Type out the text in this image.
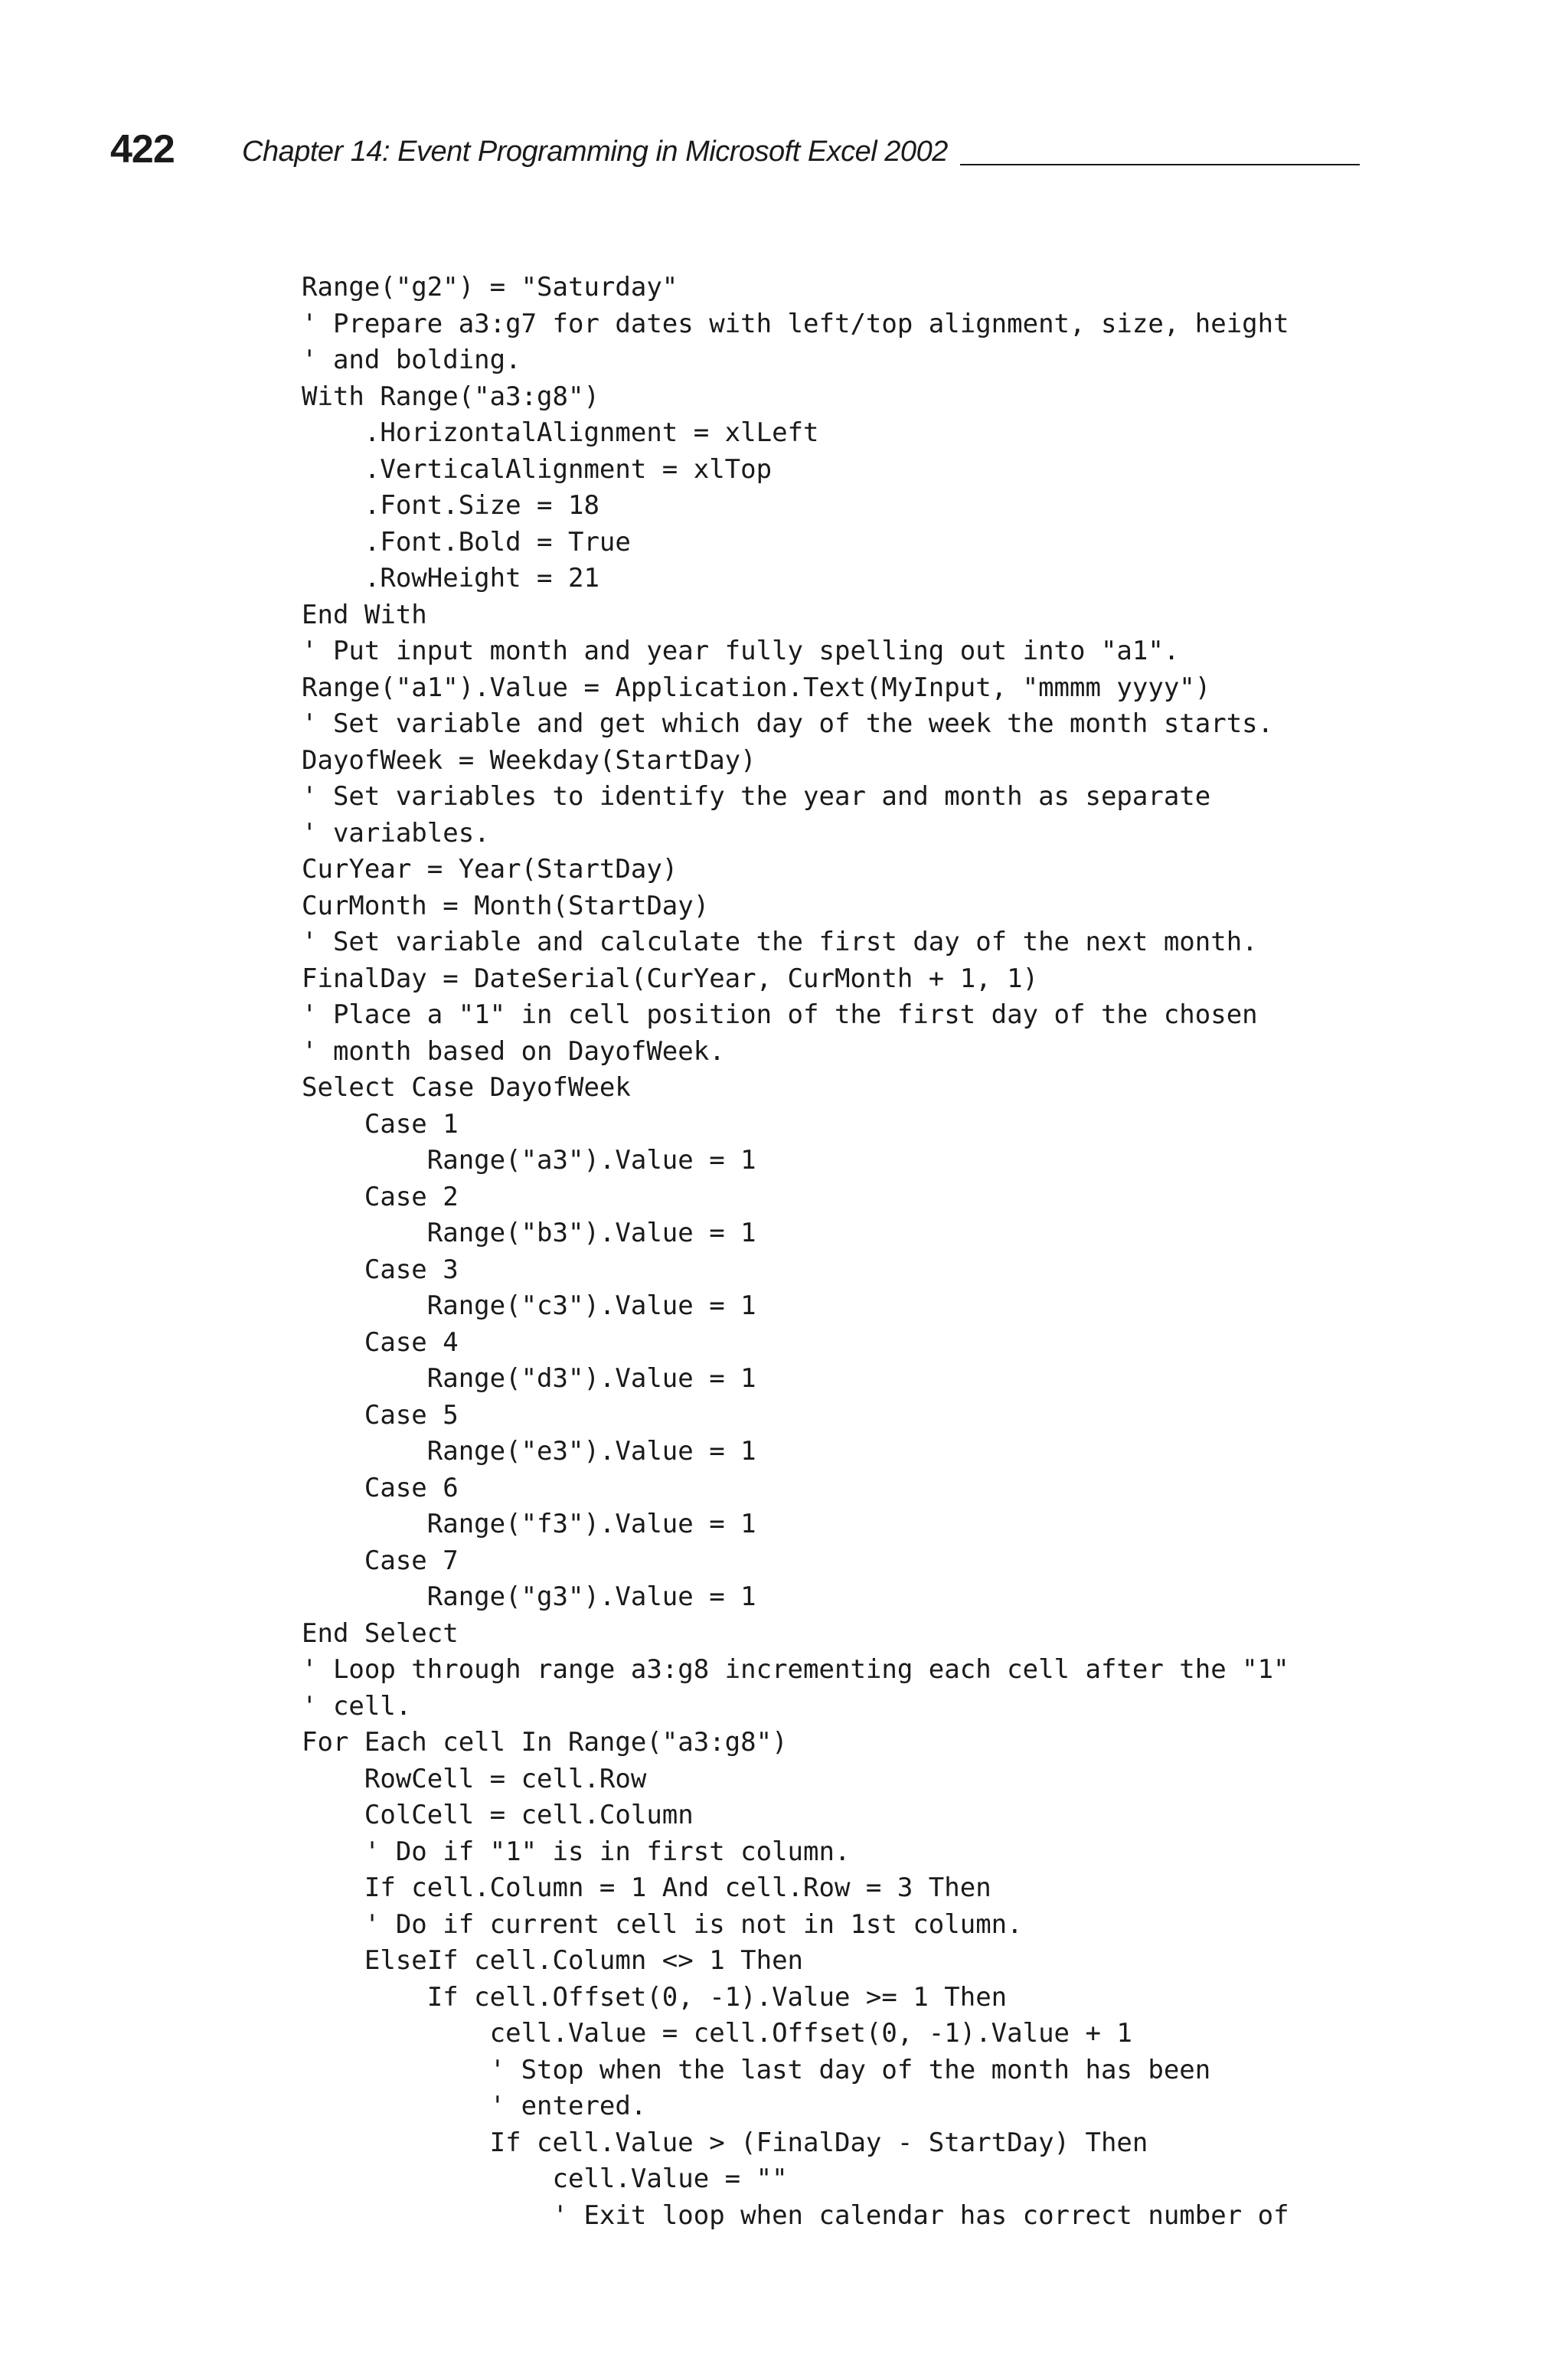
422 Chapter 14: Event Programming in Microsoft Excel 2002
Range("g2") = "Saturday"
' Prepare a3:g7 for dates with left/top alignment, size, height
' and bolding.
With Range("a3:g8")
.HorizontalAlignment = xlLeft
.VerticalAlignment = xlTop
.Font.Size = 18
.Font.Bold = True
.RowHeight = 21
End With
' Put input month and year fully spelling out into "a1".
Range("a1").Value = Application.Text(MyInput, "mmmm yyyy")
' Set variable and get which day of the week the month starts.
DayofWeek = Weekday(StartDay)
' Set variables to identify the year and month as separate
' variables.
CurYear = Year(StartDay)
CurMonth = Month(StartDay)
' Set variable and calculate the first day of the next month.
FinalDay = DateSerial(CurYear, CurMonth + 1, 1)
' Place a "1" in cell position of the first day of the chosen
' month based on DayofWeek.
Select Case DayofWeek
Case 1
Range("a3").Value = 1
Case 2
Range("b3").Value = 1
Case 3
Range("c3").Value = 1
Case 4
Range("d3").Value = 1
Case 5
Range("e3").Value = 1
Case 6
Range("f3").Value = 1
Case 7
Range("g3").Value = 1
End Select
' Loop through range a3:g8 incrementing each cell after the "1"
' cell.
For Each cell In Range("a3:g8")
RowCell = cell.Row
ColCell = cell.Column
' Do if "1" is in first column.
If cell.Column = 1 And cell.Row = 3 Then
' Do if current cell is not in 1st column.
ElseIf cell.Column <> 1 Then
If cell.Offset(0, -1).Value >= 1 Then
cell.Value = cell.Offset(0, -1).Value + 1
' Stop when the last day of the month has been
' entered.
If cell.Value > (FinalDay - StartDay) Then
cell.Value = ""
' Exit loop when calendar has correct number of
